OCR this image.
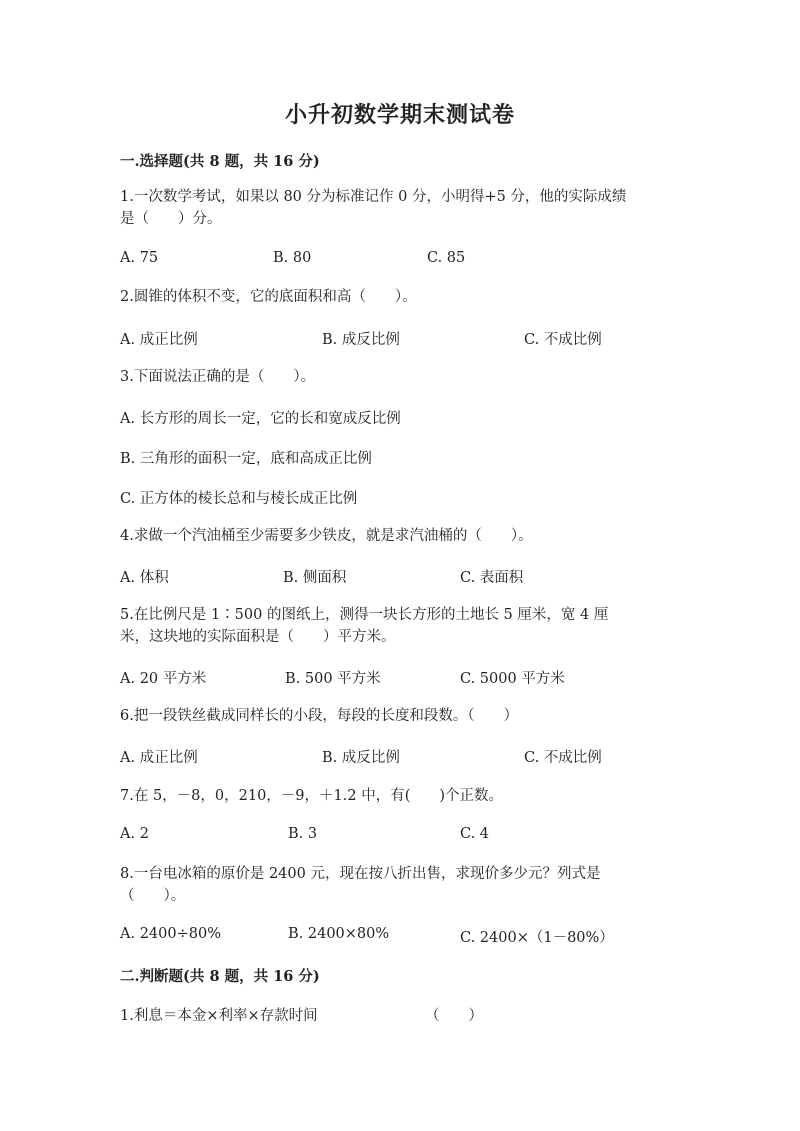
小升初数学期末测试卷
一.选择题(共 8 题，共 16 分)
1.一次数学考试，如果以 80 分为标准记作 0 分，小明得+5 分，他的实际成绩
是（　　）分。
A. 75	B. 80	C. 85
2.圆锥的体积不变，它的底面积和高（　　）。
A. 成正比例	B. 成反比例	C. 不成比例
3.下面说法正确的是（　　）。
A. 长方形的周长一定，它的长和宽成反比例
B. 三角形的面积一定，底和高成正比例
C. 正方体的棱长总和与棱长成正比例
4.求做一个汽油桶至少需要多少铁皮，就是求汽油桶的（　　）。
A. 体积	B. 侧面积	C. 表面积
5.在比例尺是 1∶500 的图纸上，测得一块长方形的土地长 5 厘米，宽 4 厘
米，这块地的实际面积是（　　）平方米。
A. 20 平方米	B. 500 平方米	C. 5000 平方米
6.把一段铁丝截成同样长的小段，每段的长度和段数。（　　）
A. 成正比例	B. 成反比例	C. 不成比例
7.在 5，－8，0，210，－9，＋1.2 中，有(　　)个正数。
A. 2	B. 3	C. 4
8.一台电冰箱的原价是 2400 元，现在按八折出售，求现价多少元？列式是
（　　）。
A. 2400÷80%	B. 2400×80%	C. 2400×（1－80%）
二.判断题(共 8 题，共 16 分)
1.利息＝本金×利率×存款时间	（　　）
